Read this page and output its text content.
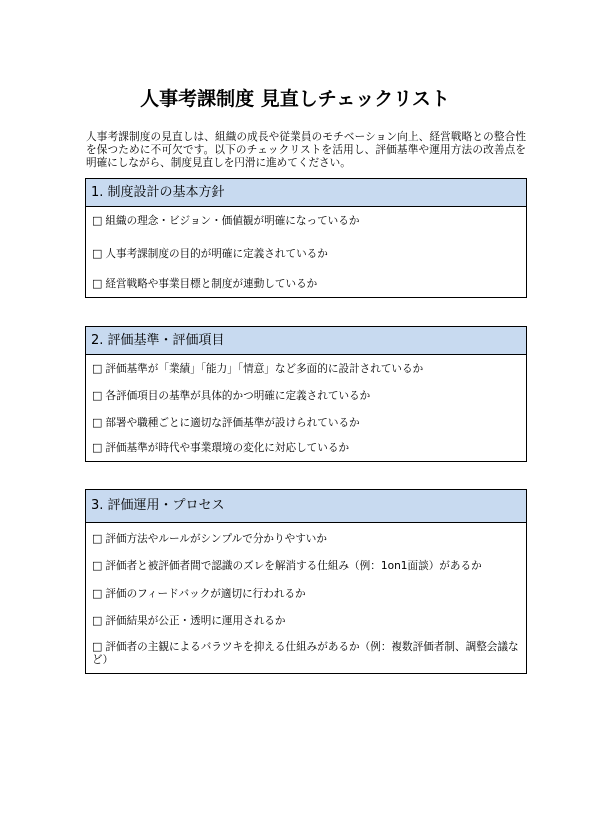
人事考課制度 見直しチェックリスト
人事考課制度の見直しは、組織の成長や従業員のモチベーション向上、経営戦略との整合性を保つために不可欠です。以下のチェックリストを活用し、評価基準や運用方法の改善点を明確にしながら、制度見直しを円滑に進めてください。
1. 制度設計の基本方針
□ 組織の理念・ビジョン・価値観が明確になっているか
□ 人事考課制度の目的が明確に定義されているか
□ 経営戦略や事業目標と制度が連動しているか
2. 評価基準・評価項目
□ 評価基準が「業績」「能力」「情意」など多面的に設計されているか
□ 各評価項目の基準が具体的かつ明確に定義されているか
□ 部署や職種ごとに適切な評価基準が設けられているか
□ 評価基準が時代や事業環境の変化に対応しているか
3. 評価運用・プロセス
□ 評価方法やルールがシンプルで分かりやすいか
□ 評価者と被評価者間で認識のズレを解消する仕組み（例：1on1面談）があるか
□ 評価のフィードバックが適切に行われるか
□ 評価結果が公正・透明に運用されるか
□ 評価者の主観によるバラツキを抑える仕組みがあるか（例：複数評価者制、調整会議など）
